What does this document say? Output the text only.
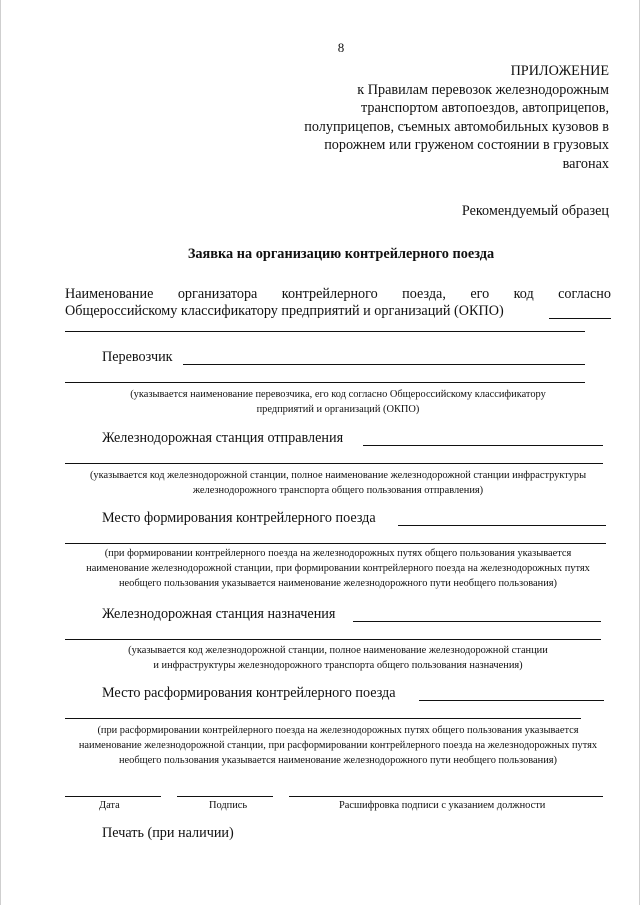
8
ПРИЛОЖЕНИЕ
к Правилам перевозок железнодорожным
транспортом автопоездов, автоприцепов,
полуприцепов, съемных автомобильных кузовов в
порожнем или груженом состоянии в грузовых
вагонах
Рекомендуемый образец
Заявка на организацию контрейлерного поезда
Наименование организатора контрейлерного поезда, его код согласно
Общероссийскому классификатору предприятий и организаций (ОКПО)
Перевозчик
(указывается наименование перевозчика, его код согласно Общероссийскому классификатору
предприятий и организаций (ОКПО)
Железнодорожная станция отправления
(указывается код железнодорожной станции, полное наименование железнодорожной станции инфраструктуры
железнодорожного транспорта общего пользования отправления)
Место формирования контрейлерного поезда
(при формировании контрейлерного поезда на железнодорожных путях общего пользования указывается
наименование железнодорожной станции, при формировании контрейлерного поезда на железнодорожных путях
необщего пользования указывается наименование железнодорожного пути необщего пользования)
Железнодорожная станция назначения
(указывается код железнодорожной станции, полное наименование железнодорожной станции
и инфраструктуры железнодорожного транспорта общего пользования назначения)
Место расформирования контрейлерного поезда
(при расформировании контрейлерного поезда на железнодорожных путях общего пользования указывается
наименование железнодорожной станции, при расформировании контрейлерного поезда на железнодорожных путях
необщего пользования указывается наименование железнодорожного пути необщего пользования)
Дата	Подпись	Расшифровка подписи с указанием должности
Печать (при наличии)
